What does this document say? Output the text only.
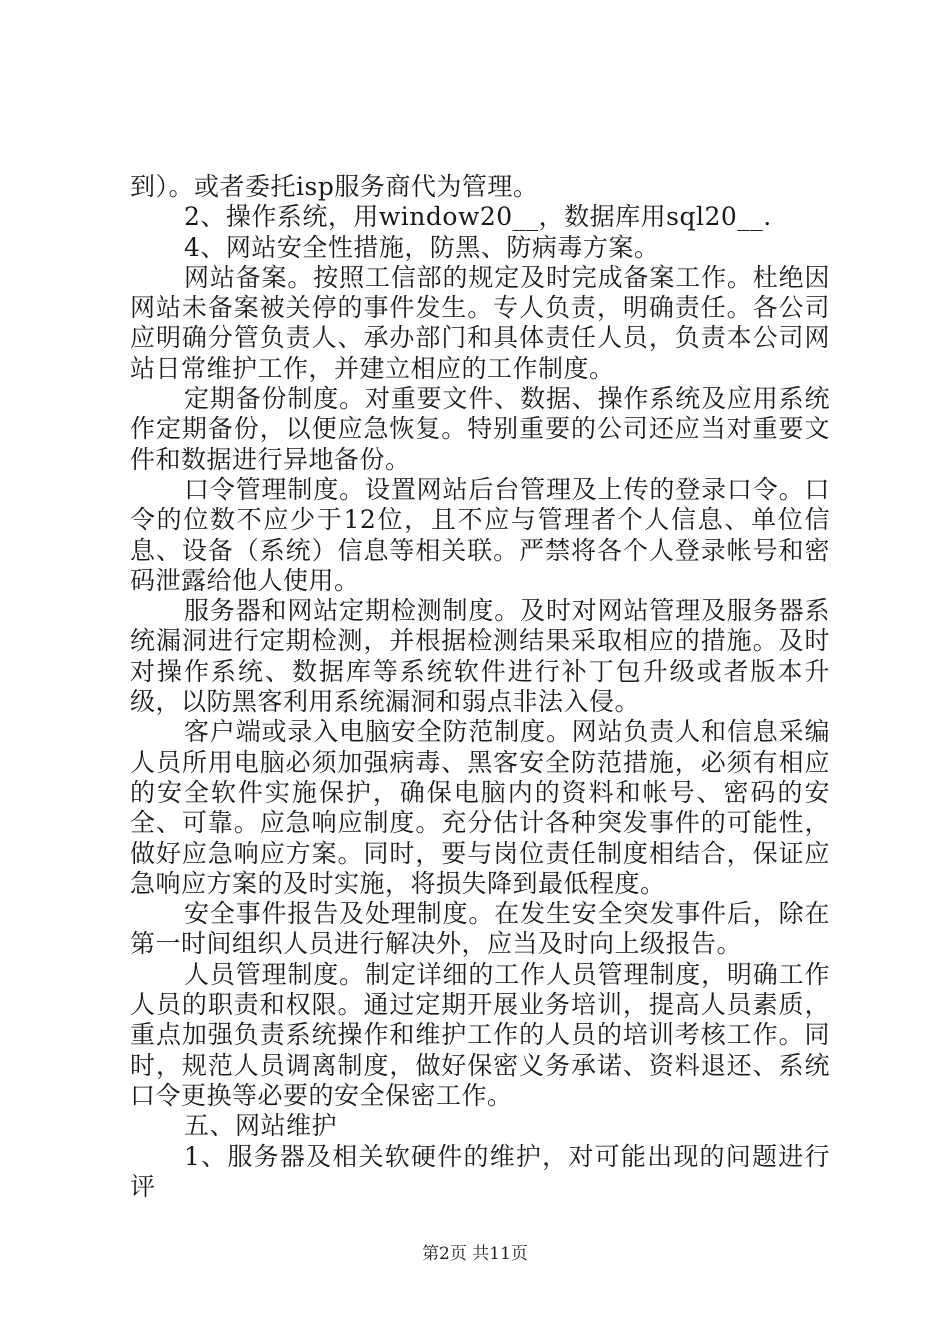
到）。或者委托isp服务商代为管理。

2、操作系统，用window20__，数据库用sql20__.

4、网站安全性措施，防黑、防病毒方案。

网站备案。按照工信部的规定及时完成备案工作。杜绝因网站未备案被关停的事件发生。专人负责，明确责任。各公司应明确分管负责人、承办部门和具体责任人员，负责本公司网站日常维护工作，并建立相应的工作制度。

定期备份制度。对重要文件、数据、操作系统及应用系统作定期备份，以便应急恢复。特别重要的公司还应当对重要文件和数据进行异地备份。

口令管理制度。设置网站后台管理及上传的登录口令。口令的位数不应少于12位，且不应与管理者个人信息、单位信息、设备（系统）信息等相关联。严禁将各个人登录帐号和密码泄露给他人使用。

服务器和网站定期检测制度。及时对网站管理及服务器系统漏洞进行定期检测，并根据检测结果采取相应的措施。及时对操作系统、数据库等系统软件进行补丁包升级或者版本升级，以防黑客利用系统漏洞和弱点非法入侵。

客户端或录入电脑安全防范制度。网站负责人和信息采编人员所用电脑必须加强病毒、黑客安全防范措施，必须有相应的安全软件实施保护，确保电脑内的资料和帐号、密码的安全、可靠。应急响应制度。充分估计各种突发事件的可能性，做好应急响应方案。同时，要与岗位责任制度相结合，保证应急响应方案的及时实施，将损失降到最低程度。

安全事件报告及处理制度。在发生安全突发事件后，除在第一时间组织人员进行解决外，应当及时向上级报告。

人员管理制度。制定详细的工作人员管理制度，明确工作人员的职责和权限。通过定期开展业务培训，提高人员素质，重点加强负责系统操作和维护工作的人员的培训考核工作。同时，规范人员调离制度，做好保密义务承诺、资料退还、系统口令更换等必要的安全保密工作。

五、网站维护

1、服务器及相关软硬件的维护，对可能出现的问题进行评

第2页 共11页
